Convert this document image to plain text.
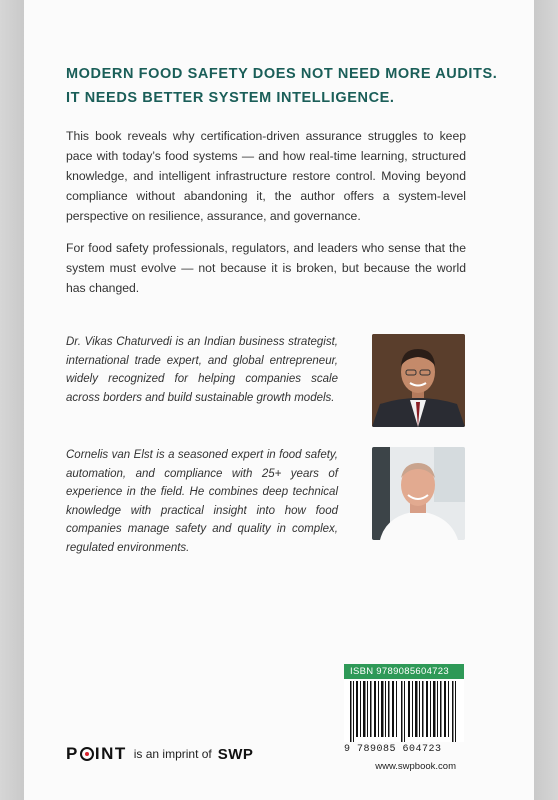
MODERN FOOD SAFETY DOES NOT NEED MORE AUDITS.
IT NEEDS BETTER SYSTEM INTELLIGENCE.
This book reveals why certification-driven assurance struggles to keep pace with today’s food systems — and how real-time learning, structured knowledge, and intelligent infrastructure restore control. Moving beyond compliance without abandoning it, the author offers a system-level perspective on resilience, assurance, and governance.
For food safety professionals, regulators, and leaders who sense that the system must evolve — not because it is broken, but because the world has changed.
Dr. Vikas Chaturvedi is an Indian business strategist, international trade expert, and global entrepreneur, widely recognized for helping companies scale across borders and build sustainable growth models.
Cornelis van Elst is a seasoned expert in food safety, automation, and compliance with 25+ years of experience in the field. He combines deep technical knowledge with practical insight into how food companies manage safety and quality in complex, regulated environments.
ISBN 9789085604723
9 789085 604723
www.swpbook.com
P INT is an imprint of SWP
